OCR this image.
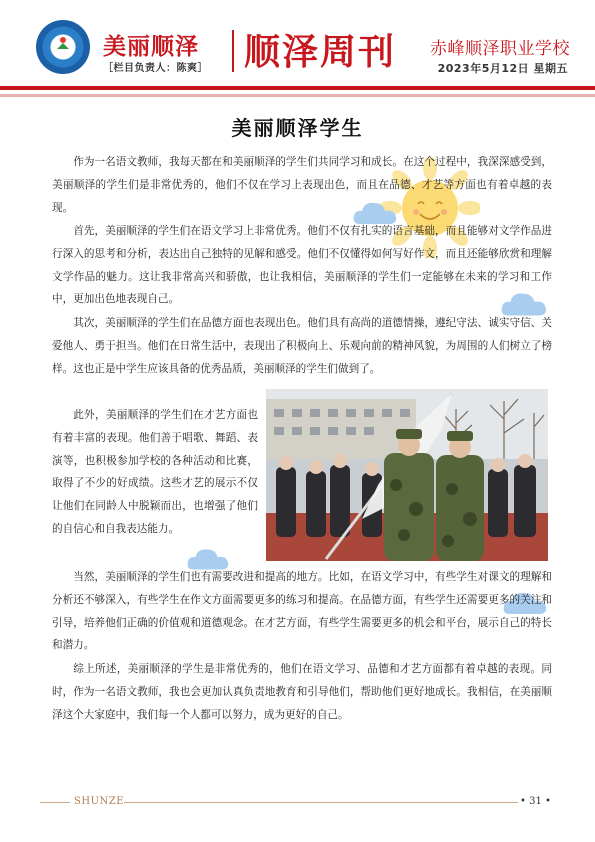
美丽顺泽
［栏目负责人：陈爽］ 顺泽周刊 赤峰顺泽职业学校
2023年5月12日 星期五
美丽顺泽学生

作为一名语文教师，我每天都在和美丽顺泽的学生们共同学习和成长。在这个过程中，我深深感受到，美丽顺泽的学生们是非常优秀的，他们不仅在学习上表现出色，而且在品德、才艺等方面也有着卓越的表现。

首先，美丽顺泽的学生们在语文学习上非常优秀。他们不仅有扎实的语言基础，而且能够对文学作品进行深入的思考和分析，表达出自己独特的见解和感受。他们不仅懂得如何写好作文，而且还能够欣赏和理解文学作品的魅力。这让我非常高兴和骄傲，也让我相信，美丽顺泽的学生们一定能够在未来的学习和工作中，更加出色地表现自己。

其次，美丽顺泽的学生们在品德方面也表现出色。他们具有高尚的道德情操，遵纪守法、诚实守信、关爱他人、勇于担当。他们在日常生活中，表现出了积极向上、乐观向前的精神风貌，为周围的人们树立了榜样。这也正是中学生应该具备的优秀品质，美丽顺泽的学生们做到了。

此外，美丽顺泽的学生们在才艺方面也有着丰富的表现。他们善于唱歌、舞蹈、表演等，也积极参加学校的各种活动和比赛，取得了不少的好成绩。这些才艺的展示不仅让他们在同龄人中脱颖而出，也增强了他们的自信心和自我表达能力。

当然，美丽顺泽的学生们也有需要改进和提高的地方。比如，在语文学习中，有些学生对课文的理解和分析还不够深入，有些学生在作文方面需要更多的练习和提高。在品德方面，有些学生还需要更多的关注和引导，培养他们正确的价值观和道德观念。在才艺方面，有些学生需要更多的机会和平台，展示自己的特长和潜力。

综上所述，美丽顺泽的学生是非常优秀的，他们在语文学习、品德和才艺方面都有着卓越的表现。同时，作为一名语文教师，我也会更加认真负责地教育和引导他们，帮助他们更好地成长。我相信，在美丽顺泽这个大家庭中，我们每一个人都可以努力，成为更好的自己。

SHUNZE	• 31 •
